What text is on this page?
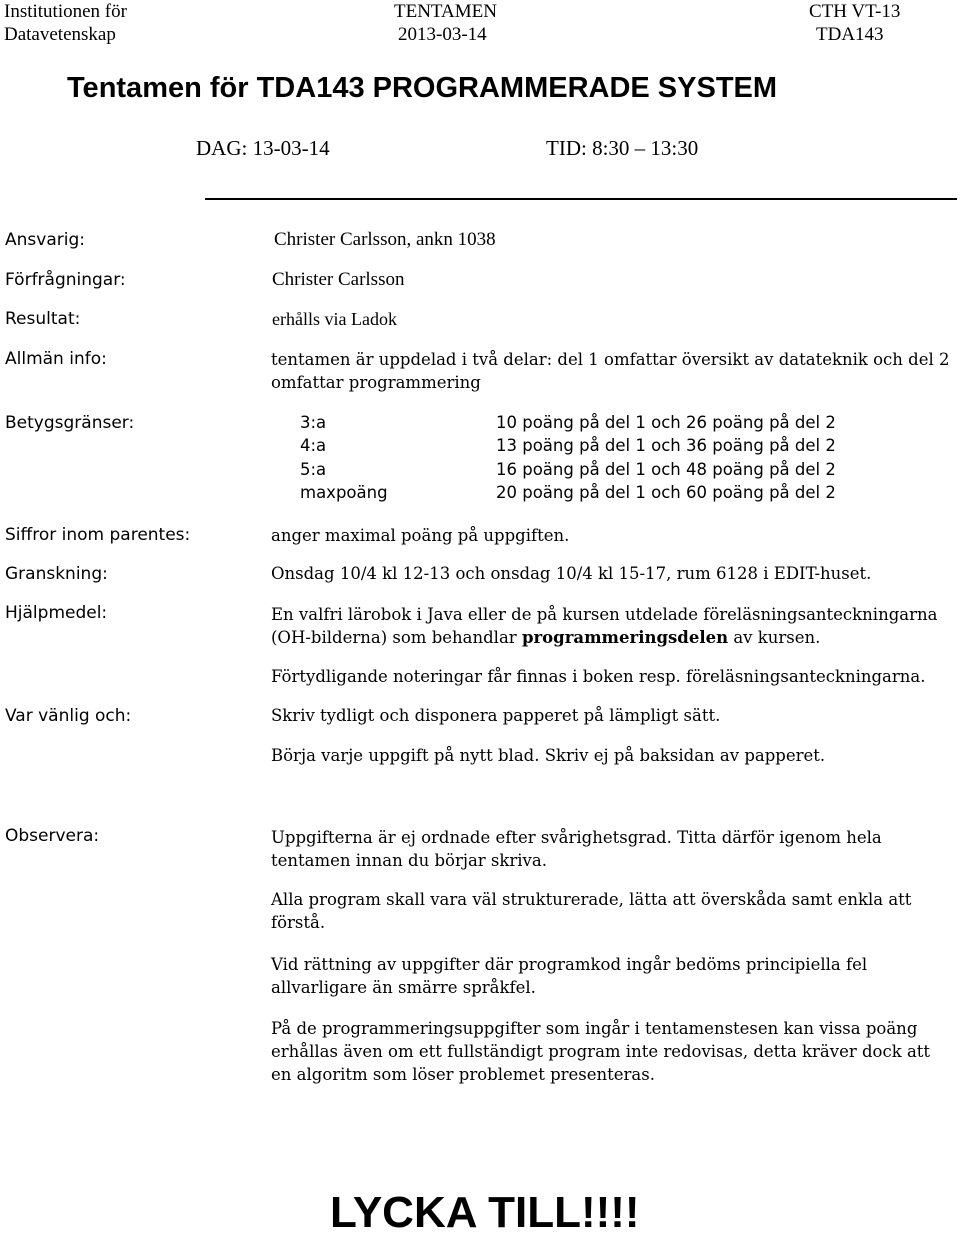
Institutionen för
Datavetenskap
TENTAMEN
2013-03-14
CTH VT-13
TDA143
Tentamen för TDA143 PROGRAMMERADE SYSTEM
DAG: 13-03-14	TID: 8:30 – 13:30
Ansvarig:	Christer Carlsson, ankn 1038
Förfrågningar:	Christer Carlsson
Resultat:	erhålls via Ladok
Allmän info:	tentamen är uppdelad i två delar: del 1 omfattar översikt av datateknik och del 2 omfattar programmering
Betygsgränser:	3:a	10 poäng på del 1 och 26 poäng på del 2
4:a	13 poäng på del 1 och 36 poäng på del 2
5:a	16 poäng på del 1 och 48 poäng på del 2
maxpoäng	20 poäng på del 1 och 60 poäng på del 2
Siffror inom parentes:	anger maximal poäng på uppgiften.
Granskning:	Onsdag 10/4 kl 12-13 och onsdag 10/4 kl 15-17, rum 6128 i EDIT-huset.
Hjälpmedel:	En valfri lärobok i Java eller de på kursen utdelade föreläsningsanteckningarna (OH-bilderna) som behandlar programmeringsdelen av kursen.
Förtydligande noteringar får finnas i boken resp. föreläsningsanteckningarna.
Var vänlig och:	Skriv tydligt och disponera papperet på lämpligt sätt.
Börja varje uppgift på nytt blad. Skriv ej på baksidan av papperet.
Observera:	Uppgifterna är ej ordnade efter svårighetsgrad. Titta därför igenom hela tentamen innan du börjar skriva.
Alla program skall vara väl strukturerade, lätta att överskåda samt enkla att förstå.
Vid rättning av uppgifter där programkod ingår bedöms principiella fel allvarligare än smärre språkfel.
På de programmeringsuppgifter som ingår i tentamenstesen kan vissa poäng erhållas även om ett fullständigt program inte redovisas, detta kräver dock att en algoritm som löser problemet presenteras.
LYCKA TILL!!!!
